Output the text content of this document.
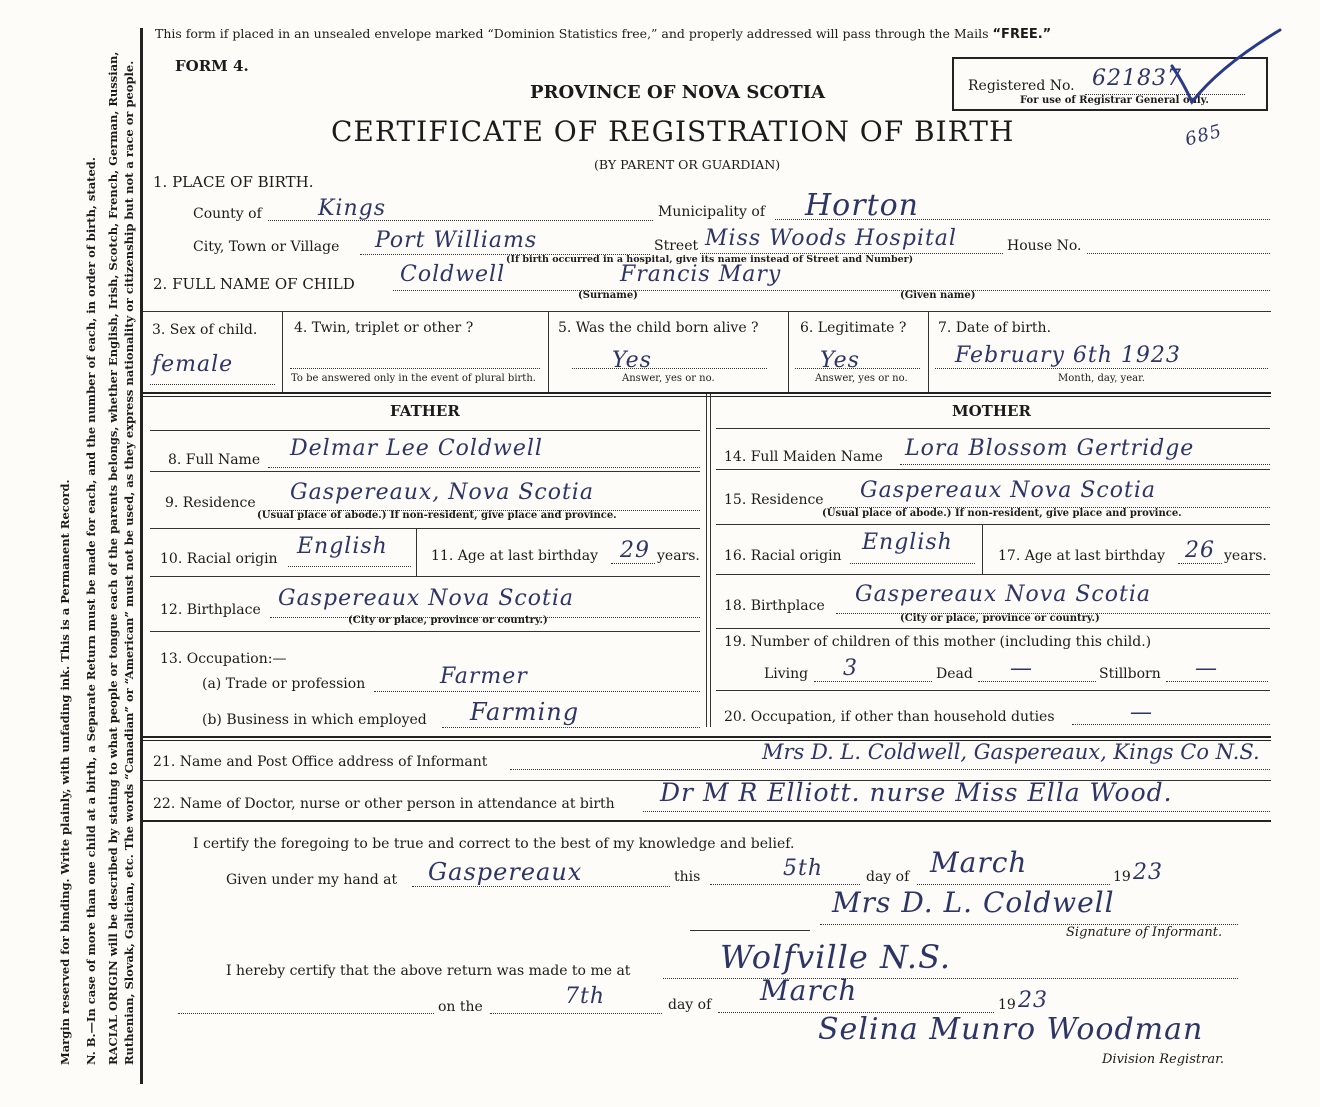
Margin reserved for binding. Write plainly, with unfading ink. This is a Permanent Record. N. B.—In case of more than one child at a birth, a Separate Return must be made for each, and the number of each, in order of birth, stated. RACIAL ORIGIN will be described by stating to what people or tongue each of the parents belongs, whether English, Irish, Scotch, French, German, Russian, Ruthenian, Slovak, Galician, etc. The words “Canadian” or “American” must not be used, as they express nationality or citizenship but not a race or people.
This form if placed in an unsealed envelope marked “Dominion Statistics free,” and properly addressed will pass through the Mails “FREE.”
FORM 4.
PROVINCE OF NOVA SCOTIA
CERTIFICATE OF REGISTRATION OF BIRTH
(BY PARENT OR GUARDIAN)
Registered No. 621837
For use of Registrar General only.
685
1. PLACE OF BIRTH.
County of	Kings	Municipality of Horton
City, Town or Village Port Williams	Street Miss Woods Hospital	House No.
(If birth occurred in a hospital, give its name instead of Street and Number)
2. FULL NAME OF CHILD Coldwell	Francis Mary
(Surname)	(Given name)
3. Sex of child.
female
4. Twin, triplet or other ?
To be answered only in the event of plural birth.
5. Was the child born alive ?
Yes
Answer, yes or no.
6. Legitimate ?
Yes
Answer, yes or no.
7. Date of birth.
February 6th 1923
Month, day, year.
FATHER
8. Full Name Delmar Lee Coldwell
9. Residence Gaspereaux, Nova Scotia
(Usual place of abode.) If non-resident, give place and province.
10. Racial origin English	11. Age at last birthday 29 years.
12. Birthplace Gaspereaux Nova Scotia
(City or place, province or country.)
13. Occupation:—
(a) Trade or profession	Farmer
(b) Business in which employed Farming
MOTHER
14. Full Maiden Name Lora Blossom Gertridge
15. Residence Gaspereaux Nova Scotia
(Usual place of abode.) If non-resident, give place and province.
16. Racial origin
English
17. Age at last birthday 26 years.
18. Birthplace Gaspereaux Nova Scotia
(City or place, province or country.)
19. Number of children of this mother (including this child.)
Living 3	Dead —	Stillborn —
20. Occupation, if other than household duties	—
21. Name and Post Office address of Informant	Mrs D. L. Coldwell, Gaspereaux, Kings Co N.S.
22. Name of Doctor, nurse or other person in attendance at birth Dr M R Elliott. nurse Miss Ella Wood.
I certify the foregoing to be true and correct to the best of my knowledge and belief.
Given under my hand at Gaspereaux	this	5th	day of March	19 23
Mrs D. L. Coldwell
Signature of Informant.
I hereby certify that the above return was made to me at	Wolfville N.S.
on the	7th	day of March	19 23
Selina Munro Woodman
Division Registrar.
